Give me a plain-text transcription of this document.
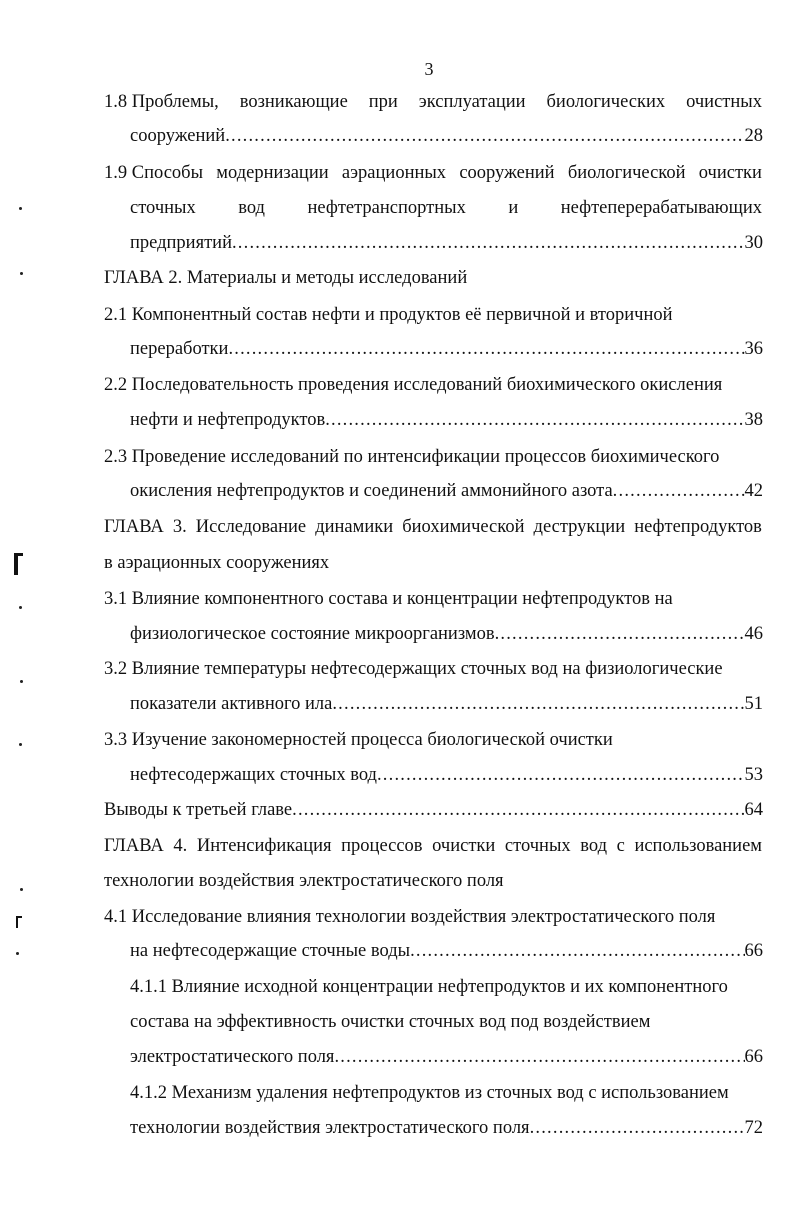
3
1.8 Проблемы, возникающие при эксплуатации биологических очистных
сооружений .....	28
1.9 Способы модернизации аэрационных сооружений биологической очистки
сточных вод нефтетранспортных и нефтеперерабатывающих
предприятий .....	30
ГЛАВА 2. Материалы и методы исследований
2.1 Компонентный состав нефти и продуктов её первичной и вторичной
переработки .....	36
2.2 Последовательность проведения исследований биохимического окисления
нефти и нефтепродуктов .....	38
2.3 Проведение исследований по интенсификации процессов биохимического
окисления нефтепродуктов и соединений аммонийного азота .....	42
ГЛАВА 3. Исследование динамики биохимической деструкции нефтепродуктов
в аэрационных сооружениях
3.1 Влияние компонентного состава и концентрации нефтепродуктов на
физиологическое состояние микроорганизмов .....	46
3.2 Влияние температуры нефтесодержащих сточных вод на физиологические
показатели активного ила .....	51
3.3 Изучение закономерностей процесса биологической очистки
нефтесодержащих сточных вод .....	53
Выводы к третьей главе .....	64
ГЛАВА 4. Интенсификация процессов очистки сточных вод с использованием
технологии воздействия электростатического поля
4.1 Исследование влияния технологии воздействия электростатического поля
на нефтесодержащие сточные воды .....	66
4.1.1 Влияние исходной концентрации нефтепродуктов и их компонентного
состава на эффективность очистки сточных вод под воздействием
электростатического поля .....	66
4.1.2 Механизм удаления нефтепродуктов из сточных вод с использованием
технологии воздействия электростатического поля .....	72
